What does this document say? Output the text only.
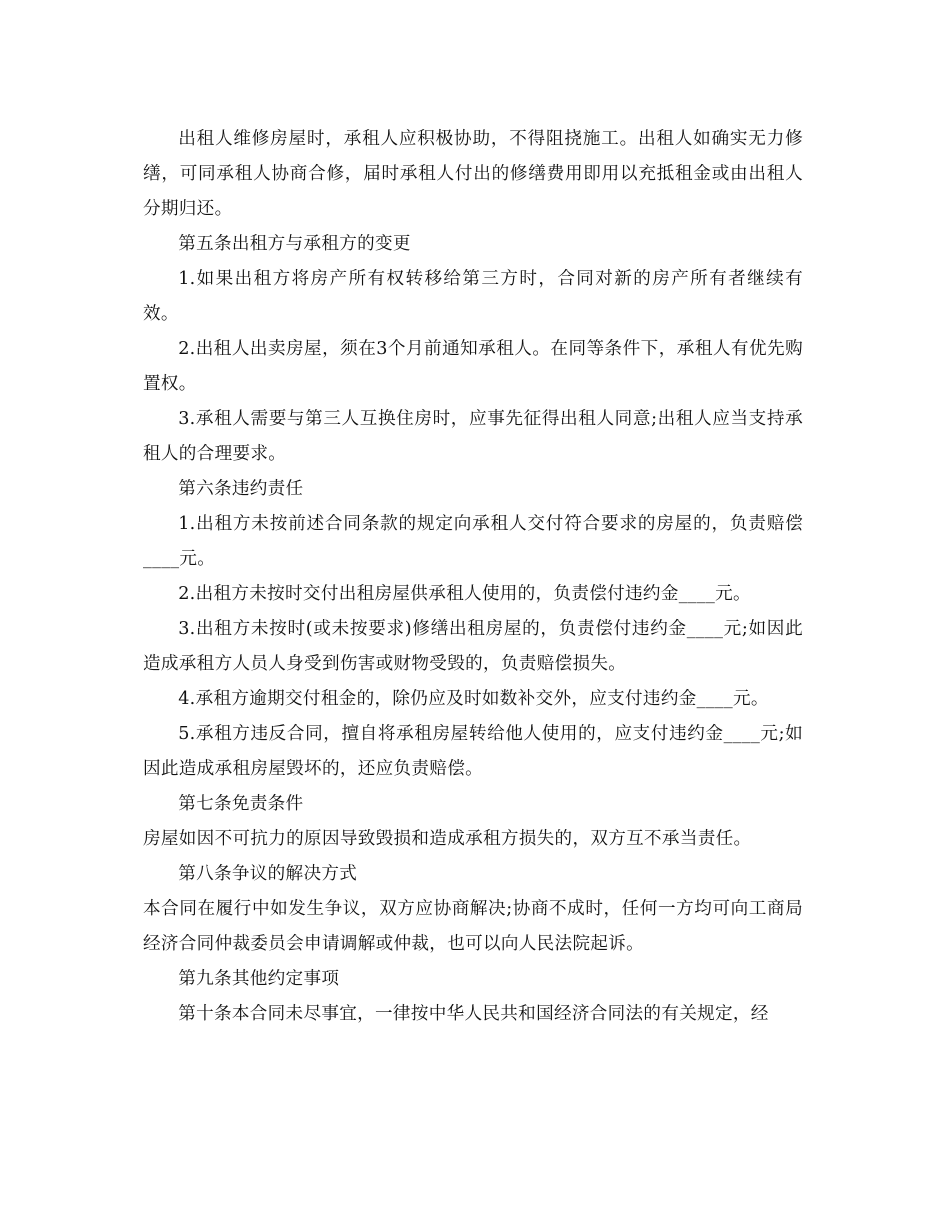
出租人维修房屋时，承租人应积极协助，不得阻挠施工。出租人如确实无力修缮，可同承租人协商合修，届时承租人付出的修缮费用即用以充抵租金或由出租人分期归还。

第五条出租方与承租方的变更

1.如果出租方将房产所有权转移给第三方时，合同对新的房产所有者继续有效。

2.出租人出卖房屋，须在3个月前通知承租人。在同等条件下，承租人有优先购置权。

3.承租人需要与第三人互换住房时，应事先征得出租人同意;出租人应当支持承租人的合理要求。

第六条违约责任

1.出租方未按前述合同条款的规定向承租人交付符合要求的房屋的，负责赔偿____元。

2.出租方未按时交付出租房屋供承租人使用的，负责偿付违约金____元。

3.出租方未按时(或未按要求)修缮出租房屋的，负责偿付违约金____元;如因此造成承租方人员人身受到伤害或财物受毁的，负责赔偿损失。

4.承租方逾期交付租金的，除仍应及时如数补交外，应支付违约金____元。

5.承租方违反合同，擅自将承租房屋转给他人使用的，应支付违约金____元;如因此造成承租房屋毁坏的，还应负责赔偿。

第七条免责条件

房屋如因不可抗力的原因导致毁损和造成承租方损失的，双方互不承当责任。

第八条争议的解决方式

本合同在履行中如发生争议，双方应协商解决;协商不成时，任何一方均可向工商局经济合同仲裁委员会申请调解或仲裁，也可以向人民法院起诉。

第九条其他约定事项

第十条本合同未尽事宜，一律按中华人民共和国经济合同法的有关规定，经
